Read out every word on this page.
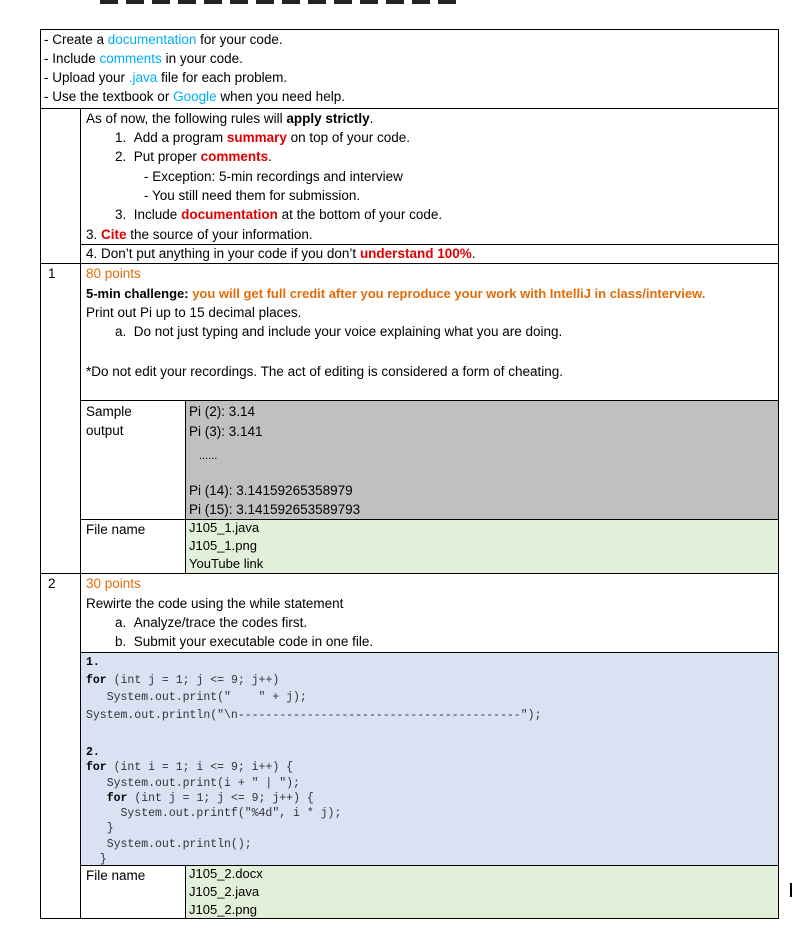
- Create a documentation for your code.
- Include comments in your code.
- Upload your .java file for each problem.
- Use the textbook or Google when you need help.
As of now, the following rules will apply strictly.
1. Add a program summary on top of your code.
2. Put proper comments.
- Exception: 5-min recordings and interview
- You still need them for submission.
3. Include documentation at the bottom of your code.
3. Cite the source of your information.
4. Don’t put anything in your code if you don’t understand 100%.
1 80 points
5-min challenge: you will get full credit after you reproduce your work with IntelliJ in class/interview.
Print out Pi up to 15 decimal places.
a. Do not just typing and include your voice explaining what you are doing.
*Do not edit your recordings. The act of editing is considered a form of cheating.
Sample
output
Pi (2): 3.14
Pi (3): 3.141
......
Pi (14): 3.14159265358979
Pi (15): 3.141592653589793
File name	J105_1.java
J105_1.png
YouTube link
2 30 points
Rewirte the code using the while statement
a. Analyze/trace the codes first.
b. Submit your executable code in one file.
1.
for (int j = 1; j <= 9; j++)
System.out.print("    " + j);
System.out.println("\n-----------------------------------------");
2.
for (int i = 1; i <= 9; i++) {
System.out.print(i + " | ");
for (int j = 1; j <= 9; j++) {
System.out.printf("%4d", i * j);
}
System.out.println();
}
File name	J105_2.docx
J105_2.java
J105_2.png
